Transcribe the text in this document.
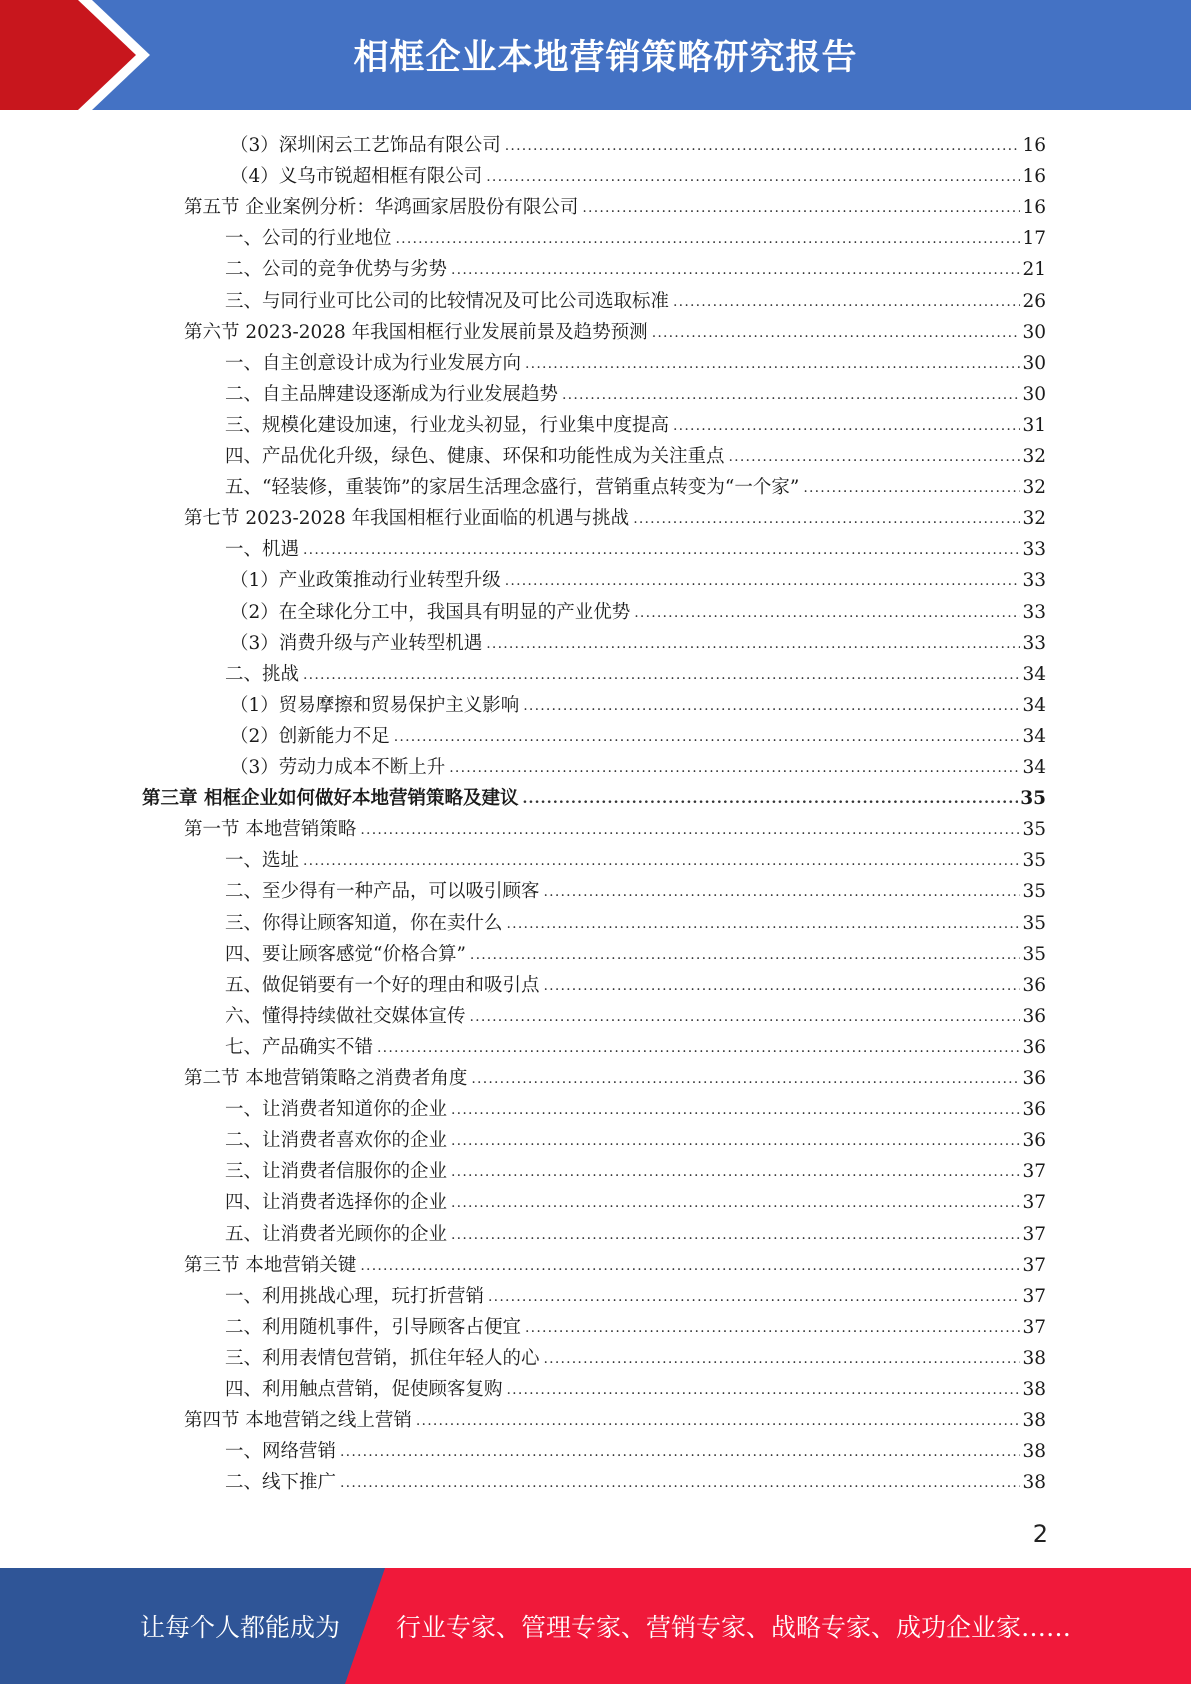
相框企业本地营销策略研究报告
（3）深圳闲云工艺饰品有限公司 .....	16
（4）义乌市锐超相框有限公司 .....	16
第五节 企业案例分析：华鸿画家居股份有限公司 .....	16
一、公司的行业地位 .....	17
二、公司的竞争优势与劣势 .....	21
三、与同行业可比公司的比较情况及可比公司选取标准 .....	26
第六节 2023-2028 年我国相框行业发展前景及趋势预测 .....	30
一、自主创意设计成为行业发展方向 .....	30
二、自主品牌建设逐渐成为行业发展趋势 .....	30
三、规模化建设加速，行业龙头初显，行业集中度提高 .....	31
四、产品优化升级，绿色、健康、环保和功能性成为关注重点 .....	32
五、“轻装修，重装饰”的家居生活理念盛行，营销重点转变为“一个家” .....	32
第七节 2023-2028 年我国相框行业面临的机遇与挑战 .....	32
一、机遇 .....	33
（1）产业政策推动行业转型升级 .....	33
（2）在全球化分工中，我国具有明显的产业优势 .....	33
（3）消费升级与产业转型机遇 .....	33
二、挑战 .....	34
（1）贸易摩擦和贸易保护主义影响 .....	34
（2）创新能力不足 .....	34
（3）劳动力成本不断上升 .....	34
第三章 相框企业如何做好本地营销策略及建议 .....	35
第一节 本地营销策略 .....	35
一、选址 .....	35
二、至少得有一种产品，可以吸引顾客 .....	35
三、你得让顾客知道，你在卖什么 .....	35
四、要让顾客感觉“价格合算” .....	35
五、做促销要有一个好的理由和吸引点 .....	36
六、懂得持续做社交媒体宣传 .....	36
七、产品确实不错 .....	36
第二节 本地营销策略之消费者角度 .....	36
一、让消费者知道你的企业 .....	36
二、让消费者喜欢你的企业 .....	36
三、让消费者信服你的企业 .....	37
四、让消费者选择你的企业 .....	37
五、让消费者光顾你的企业 .....	37
第三节 本地营销关键 .....	37
一、利用挑战心理，玩打折营销 .....	37
二、利用随机事件，引导顾客占便宜 .....	37
三、利用表情包营销，抓住年轻人的心 .....	38
四、利用触点营销，促使顾客复购 .....	38
第四节 本地营销之线上营销 .....	38
一、网络营销 .....	38
二、线下推广 .....	38
2
让每个人都能成为 行业专家、管理专家、营销专家、战略专家、成功企业家……
